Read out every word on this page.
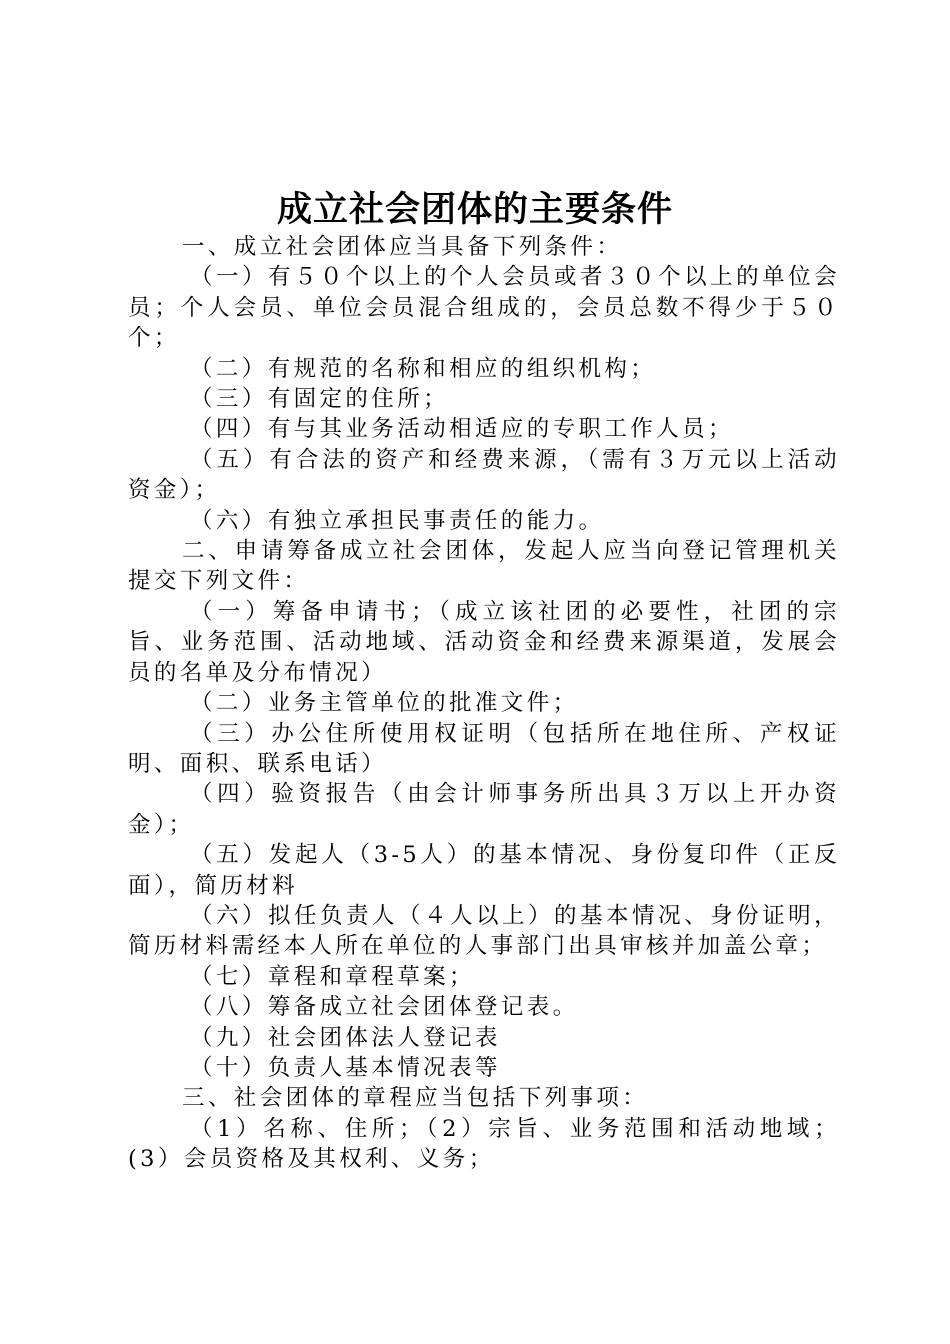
成立社会团体的主要条件

一、成立社会团体应当具备下列条件：

（一）有５０个以上的个人会员或者３０个以上的单位会员；个人会员、单位会员混合组成的，会员总数不得少于５０个；

（二）有规范的名称和相应的组织机构；

（三）有固定的住所；

（四）有与其业务活动相适应的专职工作人员；

（五）有合法的资产和经费来源，（需有３万元以上活动资金）；

（六）有独立承担民事责任的能力。

二、申请筹备成立社会团体，发起人应当向登记管理机关提交下列文件：

（一）筹备申请书；（成立该社团的必要性，社团的宗旨、业务范围、活动地域、活动资金和经费来源渠道，发展会员的名单及分布情况）

（二）业务主管单位的批准文件；

（三）办公住所使用权证明（包括所在地住所、产权证明、面积、联系电话）

（四）验资报告（由会计师事务所出具３万以上开办资金）；

（五）发起人（3-5人）的基本情况、身份复印件（正反面），简历材料

（六）拟任负责人（４人以上）的基本情况、身份证明，简历材料需经本人所在单位的人事部门出具审核并加盖公章；

（七）章程和章程草案；

（八）筹备成立社会团体登记表。

（九）社会团体法人登记表

（十）负责人基本情况表等

三、社会团体的章程应当包括下列事项：

（1）名称、住所；（2）宗旨、业务范围和活动地域；(3）会员资格及其权利、义务；
